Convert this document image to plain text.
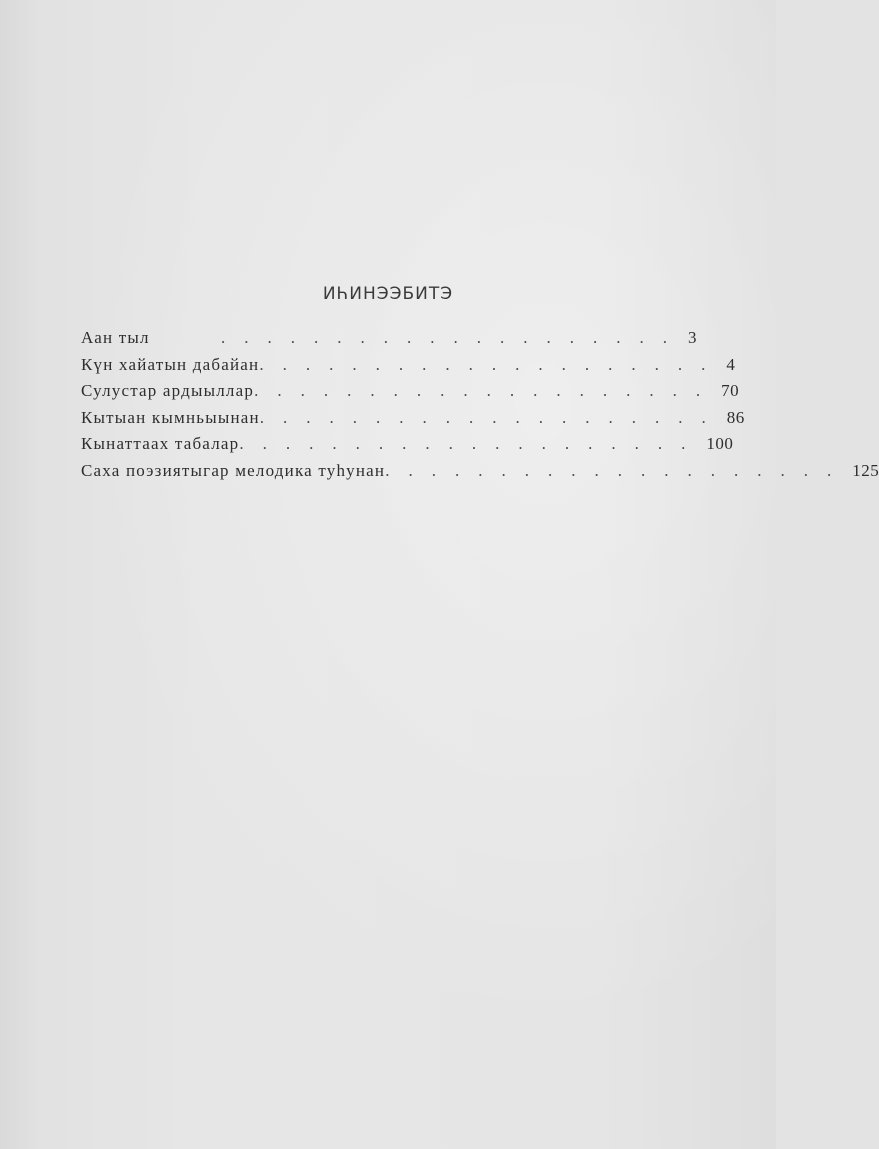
ИҺИНЭЭБИТЭ
Аан тыл	.................... 3
Күн хайатын дабайан .................... 4
Сулустар ардыыллар .................... 70
Кытыан кымньыынан .................... 86
Кынаттаах табалар .................... 100
Саха поэзиятыгар мелодика туһунан .................... 125
